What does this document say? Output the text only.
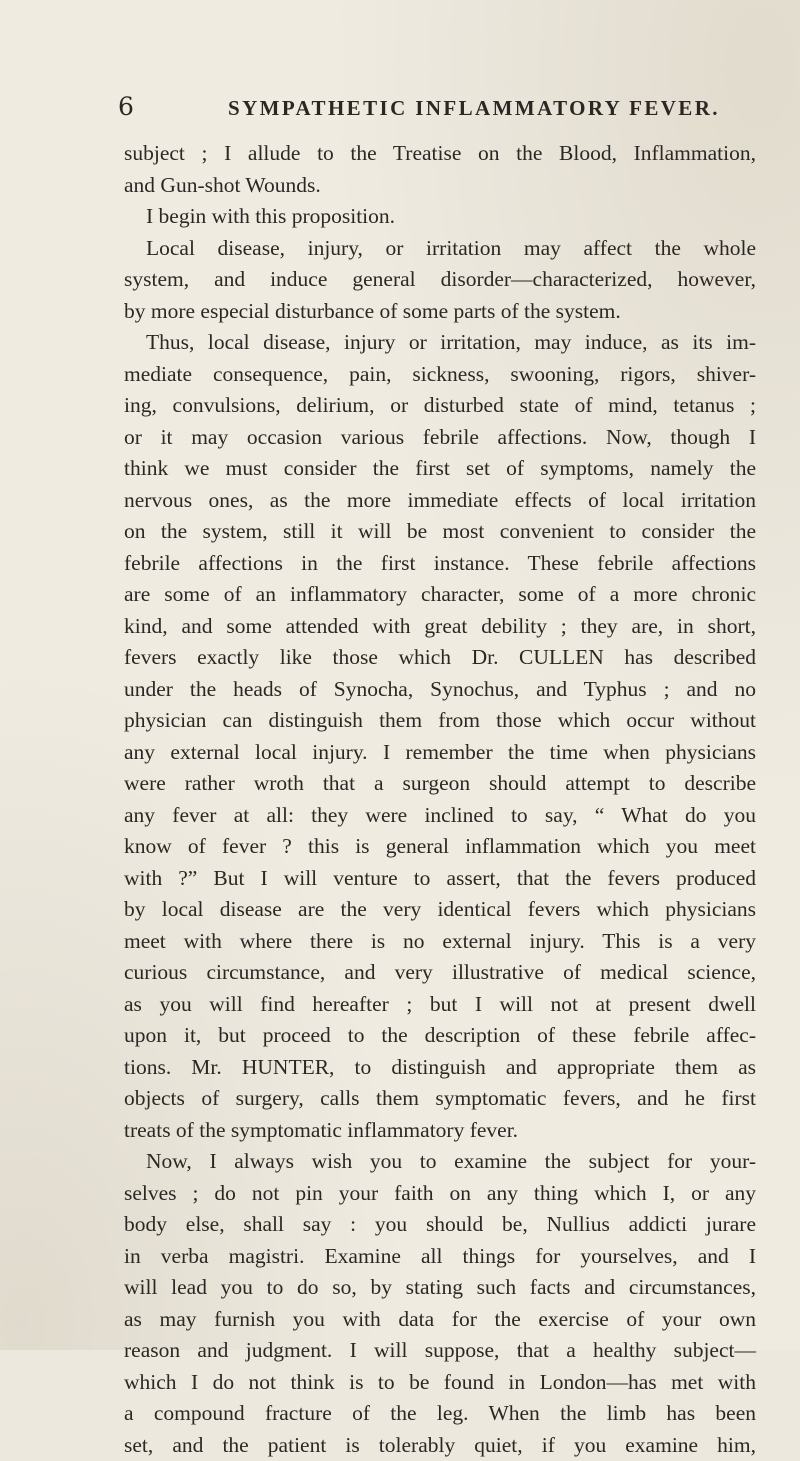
6	SYMPATHETIC INFLAMMATORY FEVER.
subject ; I allude to the Treatise on the Blood, Inflammation,
and Gun-shot Wounds.
I begin with this proposition.
Local disease, injury, or irritation may affect the whole
system, and induce general disorder—characterized, however,
by more especial disturbance of some parts of the system.
Thus, local disease, injury or irritation, may induce, as its im-
mediate consequence, pain, sickness, swooning, rigors, shiver-
ing, convulsions, delirium, or disturbed state of mind, tetanus ;
or it may occasion various febrile affections. Now, though I
think we must consider the first set of symptoms, namely the
nervous ones, as the more immediate effects of local irritation
on the system, still it will be most convenient to consider the
febrile affections in the first instance. These febrile affections
are some of an inflammatory character, some of a more chronic
kind, and some attended with great debility ; they are, in short,
fevers exactly like those which Dr. CULLEN has described
under the heads of Synocha, Synochus, and Typhus ; and no
physician can distinguish them from those which occur without
any external local injury. I remember the time when physicians
were rather wroth that a surgeon should attempt to describe
any fever at all: they were inclined to say, “ What do you
know of fever ? this is general inflammation which you meet
with ?” But I will venture to assert, that the fevers produced
by local disease are the very identical fevers which physicians
meet with where there is no external injury. This is a very
curious circumstance, and very illustrative of medical science,
as you will find hereafter ; but I will not at present dwell
upon it, but proceed to the description of these febrile affec-
tions. Mr. HUNTER, to distinguish and appropriate them as
objects of surgery, calls them symptomatic fevers, and he first
treats of the symptomatic inflammatory fever.
Now, I always wish you to examine the subject for your-
selves ; do not pin your faith on any thing which I, or any
body else, shall say : you should be, Nullius addicti jurare
in verba magistri. Examine all things for yourselves, and I
will lead you to do so, by stating such facts and circumstances,
as may furnish you with data for the exercise of your own
reason and judgment. I will suppose, that a healthy subject—
which I do not think is to be found in London—has met with
a compound fracture of the leg. When the limb has been
set, and the patient is tolerably quiet, if you examine him,
